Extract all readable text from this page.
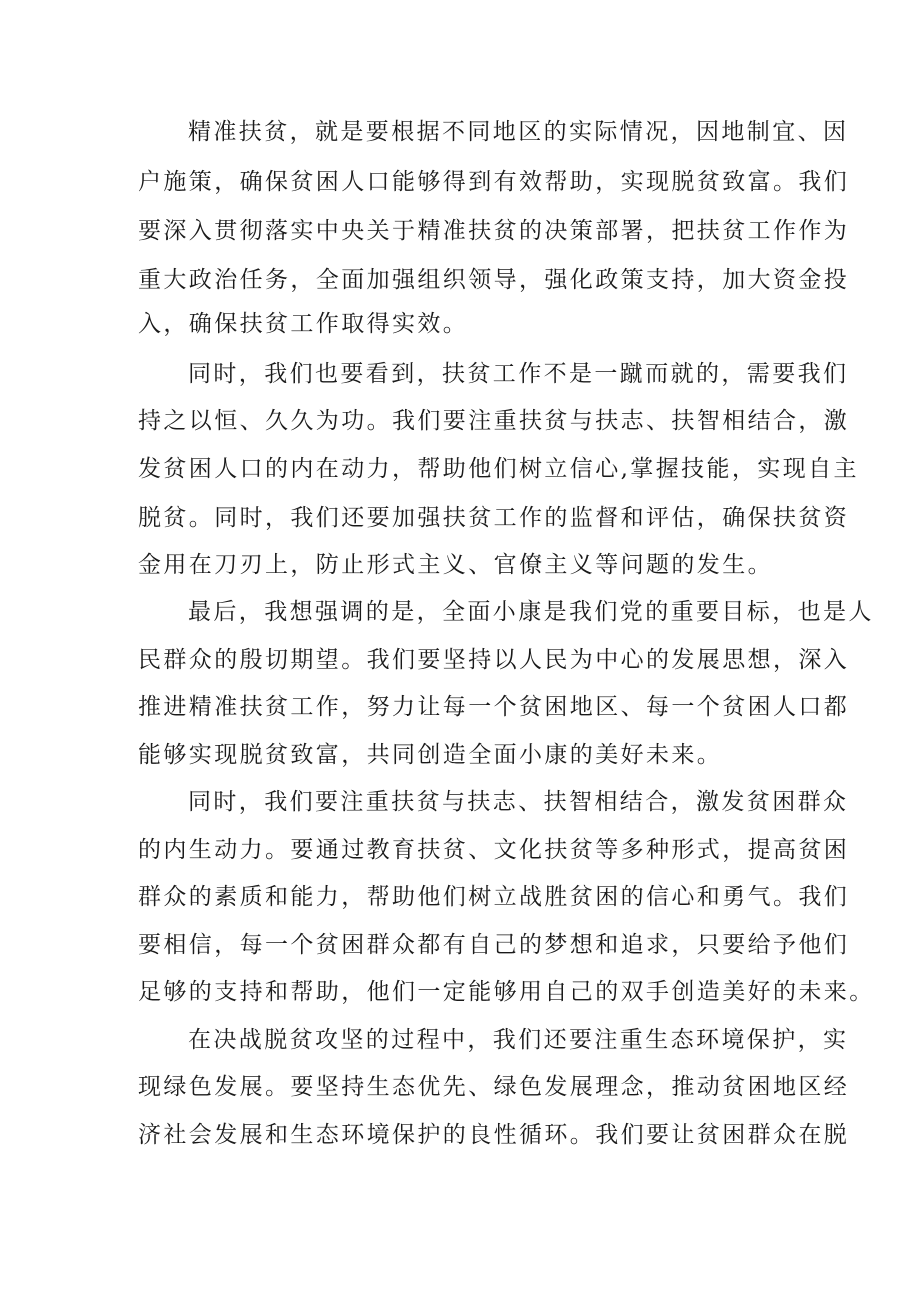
精准扶贫，就是要根据不同地区的实际情况，因地制宜、因
户施策，确保贫困人口能够得到有效帮助，实现脱贫致富。我们
要深入贯彻落实中央关于精准扶贫的决策部署，把扶贫工作作为
重大政治任务，全面加强组织领导，强化政策支持，加大资金投
入，确保扶贫工作取得实效。
同时，我们也要看到，扶贫工作不是一蹴而就的，需要我们
持之以恒、久久为功。我们要注重扶贫与扶志、扶智相结合，激
发贫困人口的内在动力，帮助他们树立信心,掌握技能，实现自主
脱贫。同时，我们还要加强扶贫工作的监督和评估，确保扶贫资
金用在刀刃上，防止形式主义、官僚主义等问题的发生。
最后，我想强调的是，全面小康是我们党的重要目标，也是人
民群众的殷切期望。我们要坚持以人民为中心的发展思想，深入
推进精准扶贫工作，努力让每一个贫困地区、每一个贫困人口都
能够实现脱贫致富，共同创造全面小康的美好未来。
同时，我们要注重扶贫与扶志、扶智相结合，激发贫困群众
的内生动力。要通过教育扶贫、文化扶贫等多种形式，提高贫困
群众的素质和能力，帮助他们树立战胜贫困的信心和勇气。我们
要相信，每一个贫困群众都有自己的梦想和追求，只要给予他们
足够的支持和帮助，他们一定能够用自己的双手创造美好的未来。
在决战脱贫攻坚的过程中，我们还要注重生态环境保护，实
现绿色发展。要坚持生态优先、绿色发展理念，推动贫困地区经
济社会发展和生态环境保护的良性循环。我们要让贫困群众在脱
